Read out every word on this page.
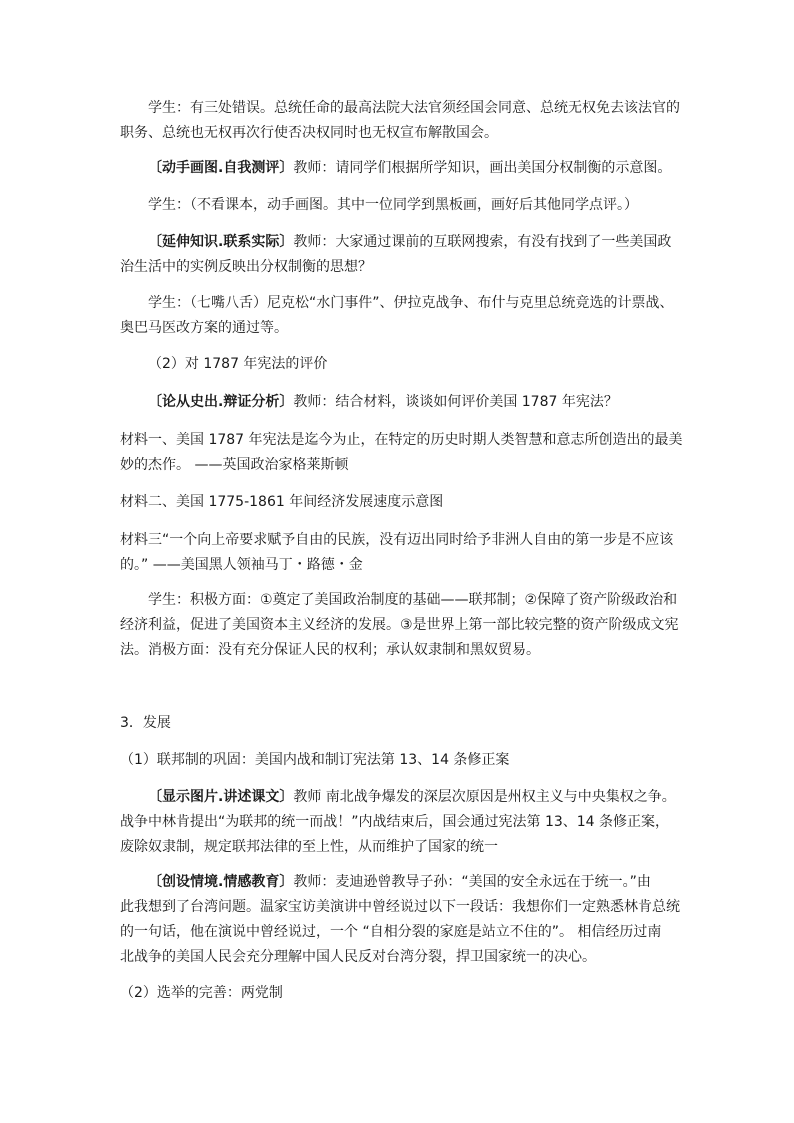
学生：有三处错误。总统任命的最高法院大法官须经国会同意、总统无权免去该法官的
职务、总统也无权再次行使否决权同时也无权宣布解散国会。

〔动手画图.自我测评〕教师：请同学们根据所学知识，画出美国分权制衡的示意图。

学生：（不看课本，动手画图。其中一位同学到黑板画，画好后其他同学点评。）

〔延伸知识.联系实际〕教师：大家通过课前的互联网搜索，有没有找到了一些美国政
治生活中的实例反映出分权制衡的思想？

学生：（七嘴八舌）尼克松“水门事件”、伊拉克战争、布什与克里总统竞选的计票战、
奥巴马医改方案的通过等。

（2）对 1787 年宪法的评价

〔论从史出.辩证分析〕教师：结合材料，谈谈如何评价美国 1787 年宪法？

材料一、美国 1787 年宪法是迄今为止，在特定的历史时期人类智慧和意志所创造出的最美
妙的杰作。 ——英国政治家格莱斯顿

材料二、美国 1775-1861 年间经济发展速度示意图

材料三“一个向上帝要求赋予自由的民族，没有迈出同时给予非洲人自由的第一步是不应该
的。” ——美国黑人领袖马丁・路德・金

学生：积极方面：①奠定了美国政治制度的基础——联邦制；②保障了资产阶级政治和
经济利益，促进了美国资本主义经济的发展。③是世界上第一部比较完整的资产阶级成文宪
法。消极方面：没有充分保证人民的权利；承认奴隶制和黑奴贸易。

3．发展

（1）联邦制的巩固：美国内战和制订宪法第 13、14 条修正案

〔显示图片.讲述课文〕教师 南北战争爆发的深层次原因是州权主义与中央集权之争。
战争中林肯提出“为联邦的统一而战！”内战结束后，国会通过宪法第 13、14 条修正案，
废除奴隶制，规定联邦法律的至上性，从而维护了国家的统一

〔创设情境.情感教育〕教师：麦迪逊曾教导子孙：“美国的安全永远在于统一。”由
此我想到了台湾问题。温家宝访美演讲中曾经说过以下一段话：我想你们一定熟悉林肯总统
的一句话，他在演说中曾经说过，一个 “自相分裂的家庭是站立不住的”。 相信经历过南
北战争的美国人民会充分理解中国人民反对台湾分裂，捍卫国家统一的决心。

（2）选举的完善：两党制
